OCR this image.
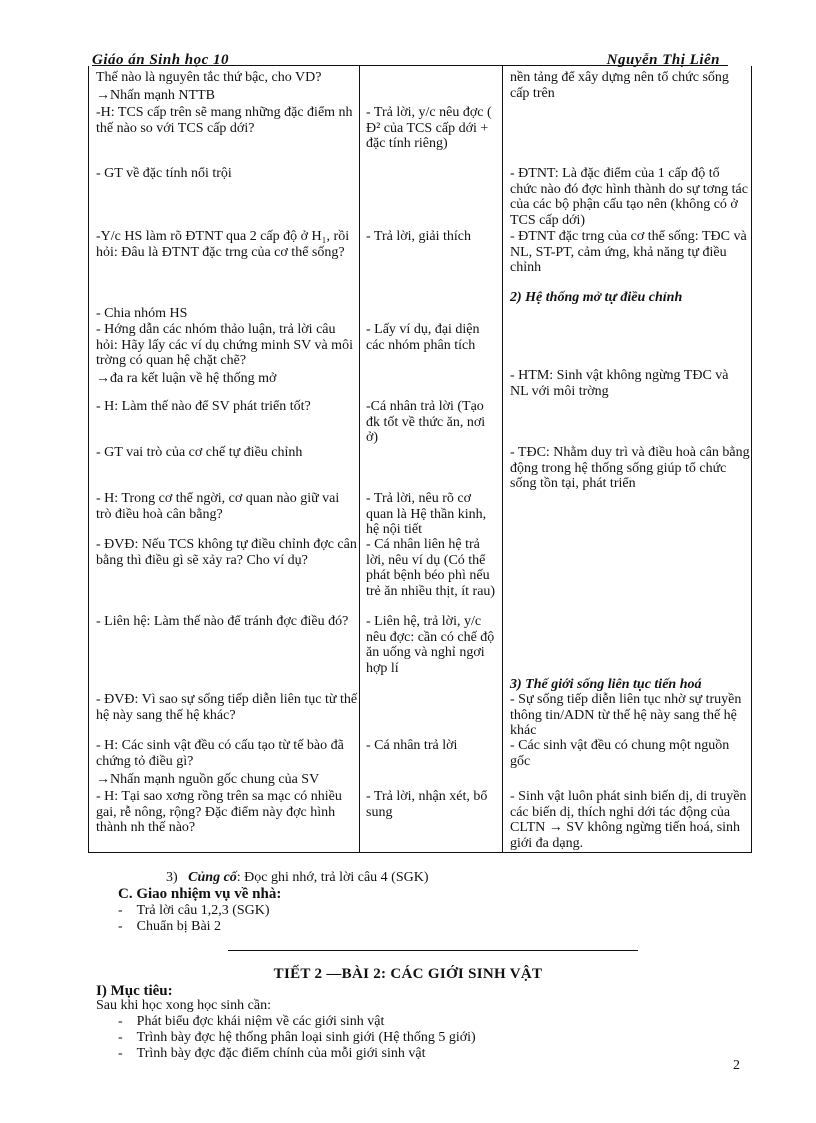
Giáo án Sinh học 10	Nguyễn Thị Liên
Thế nào là nguyên tắc thứ bậc, cho VD?
→Nhấn mạnh NTTB
-H: TCS cấp trên sẽ mang những đặc điểm nh thế nào so với TCS cấp dới?
- GT về đặc tính nổi trội
-Y/c HS làm rõ ĐTNT qua 2 cấp độ ở H₁, rồi hỏi: Đâu là ĐTNT đặc trng của cơ thể sống?
- Chia nhóm HS
- Hớng dẫn các nhóm thảo luận, trả lời câu hỏi: Hãy lấy các ví dụ chứng minh SV và môi trờng có quan hệ chặt chẽ?
→đa ra kết luận về hệ thống mở
- H: Làm thế nào để SV phát triển tốt?
- GT vai trò của cơ chế tự điều chỉnh
- H: Trong cơ thể ngời, cơ quan nào giữ vai trò điều hoà cân bằng?
- ĐVĐ: Nếu TCS không tự điều chỉnh đợc cân bằng thì điều gì sẽ xảy ra? Cho ví dụ?
- Liên hệ: Làm thế nào để tránh đợc điều đó?
- ĐVĐ: Vì sao sự sống tiếp diễn liên tục từ thế hệ này sang thế hệ khác?
- H: Các sinh vật đều có cấu tạo từ tế bào đã chứng tỏ điều gì?
→Nhấn mạnh nguồn gốc chung của SV
- H: Tại sao xơng rồng trên sa mạc có nhiều gai, rễ nông, rộng? Đặc điểm này đợc hình thành nh thế nào?
- Trả lời, y/c nêu đợc ( Đ² của TCS cấp dới + đặc tính riêng)
- Trả lời, giải thích
- Lấy ví dụ, đại diện các nhóm phân tích
-Cá nhân trả lời (Tạo đk tốt về thức ăn, nơi ở)
- Trả lời, nêu rõ cơ quan là Hệ thần kinh, hệ nội tiết
- Cá nhân liên hệ trả lời, nêu ví dụ (Có thể phát bệnh béo phì nếu trẻ ăn nhiều thịt, ít rau)
- Liên hệ, trả lời, y/c nêu đợc: cần có chế độ ăn uống và nghỉ ngơi hợp lí
- Cá nhân trả lời
- Trả lời, nhận xét, bổ sung
nền tảng để xây dựng nên tổ chức sống cấp trên
- ĐTNT: Là đặc điểm của 1 cấp độ tổ chức nào đó đợc hình thành do sự tơng tác của các bộ phận cấu tạo nên (không có ở TCS cấp dới)
- ĐTNT đặc trng của cơ thể sống: TĐC và NL, ST-PT, cảm ứng, khả năng tự điều chỉnh
2) Hệ thống mở tự điều chỉnh
- HTM: Sinh vật không ngừng TĐC và NL với môi trờng
- TĐC: Nhằm duy trì và điều hoà cân bằng động trong hệ thống sống giúp tổ chức sống tồn tại, phát triển
3) Thế giới sống liên tục tiến hoá
- Sự sống tiếp diễn liên tục nhờ sự truyền thông tin/ADN từ thế hệ này sang thế hệ khác
- Các sinh vật đều có chung một nguồn gốc
- Sinh vật luôn phát sinh biến dị, di truyền các biến dị, thích nghi dới tác động của CLTN → SV không ngừng tiến hoá, sinh giới đa dạng.
3) Củng cố: Đọc ghi nhớ, trả lời câu 4 (SGK)
C. Giao nhiệm vụ về nhà:
-    Trả lời câu 1,2,3 (SGK)
-    Chuẩn bị Bài 2
TIẾT 2 —BÀI 2: CÁC GIỚI SINH VẬT
I) Mục tiêu:
Sau khi học xong học sinh cần:
-    Phát biểu đợc khái niệm về các giới sinh vật
-    Trình bày đợc hệ thống phân loại sinh giới (Hệ thống 5 giới)
-    Trình bày đợc đặc điểm chính của mỗi giới sinh vật
2
